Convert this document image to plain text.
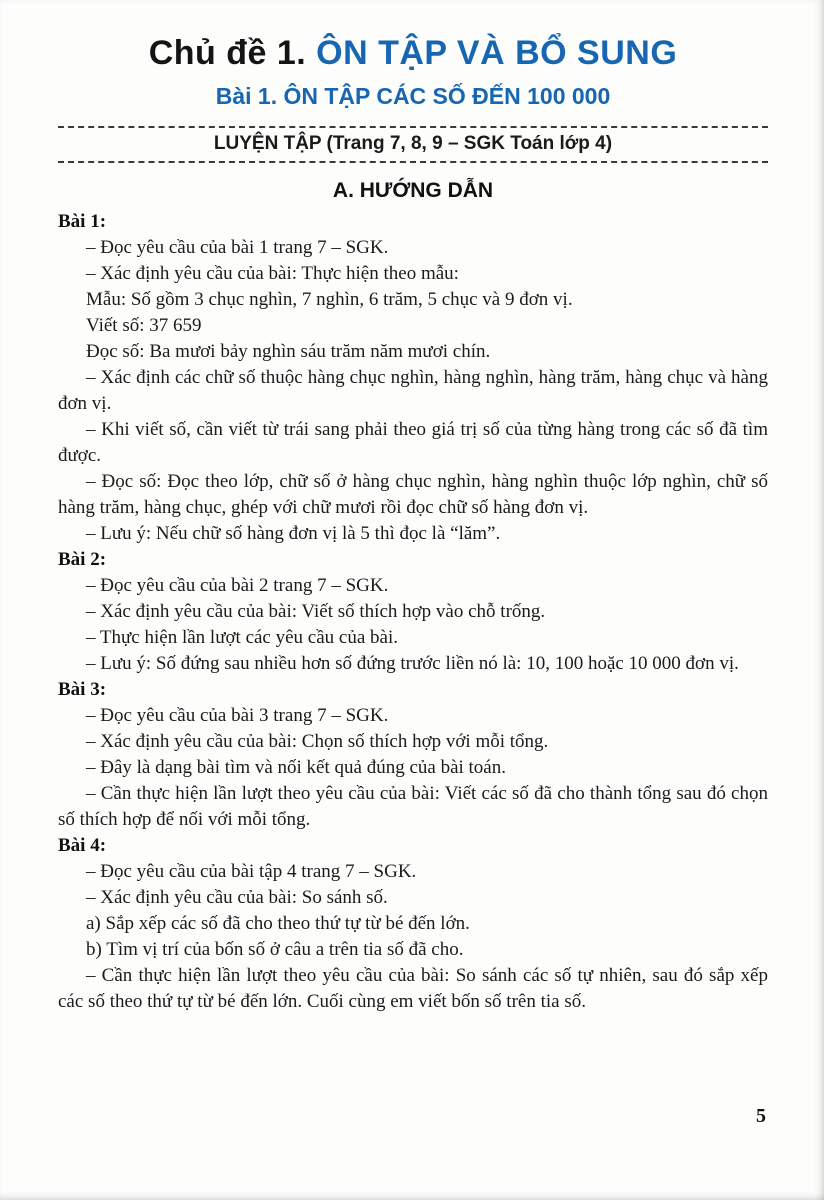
Chủ đề 1. ÔN TẬP VÀ BỔ SUNG
Bài 1. ÔN TẬP CÁC SỐ ĐẾN 100 000
LUYỆN TẬP (Trang 7, 8, 9 – SGK Toán lớp 4)
A. HƯỚNG DẪN
Bài 1:

– Đọc yêu cầu của bài 1 trang 7 – SGK.

– Xác định yêu cầu của bài: Thực hiện theo mẫu:

Mẫu: Số gồm 3 chục nghìn, 7 nghìn, 6 trăm, 5 chục và 9 đơn vị.

Viết số: 37 659

Đọc số: Ba mươi bảy nghìn sáu trăm năm mươi chín.

– Xác định các chữ số thuộc hàng chục nghìn, hàng nghìn, hàng trăm, hàng chục và hàng đơn vị.

– Khi viết số, cần viết từ trái sang phải theo giá trị số của từng hàng trong các số đã tìm được.

– Đọc số: Đọc theo lớp, chữ số ở hàng chục nghìn, hàng nghìn thuộc lớp nghìn, chữ số hàng trăm, hàng chục, ghép với chữ mươi rồi đọc chữ số hàng đơn vị.

– Lưu ý: Nếu chữ số hàng đơn vị là 5 thì đọc là “lăm”.

Bài 2:

– Đọc yêu cầu của bài 2 trang 7 – SGK.

– Xác định yêu cầu của bài: Viết số thích hợp vào chỗ trống.

– Thực hiện lần lượt các yêu cầu của bài.

– Lưu ý: Số đứng sau nhiều hơn số đứng trước liền nó là: 10, 100 hoặc 10 000 đơn vị.

Bài 3:

– Đọc yêu cầu của bài 3 trang 7 – SGK.

– Xác định yêu cầu của bài: Chọn số thích hợp với mỗi tổng.

– Đây là dạng bài tìm và nối kết quả đúng của bài toán.

– Cần thực hiện lần lượt theo yêu cầu của bài: Viết các số đã cho thành tổng sau đó chọn số thích hợp để nối với mỗi tổng.

Bài 4:

– Đọc yêu cầu của bài tập 4 trang 7 – SGK.

– Xác định yêu cầu của bài: So sánh số.

a) Sắp xếp các số đã cho theo thứ tự từ bé đến lớn.

b) Tìm vị trí của bốn số ở câu a trên tia số đã cho.

– Cần thực hiện lần lượt theo yêu cầu của bài: So sánh các số tự nhiên, sau đó sắp xếp các số theo thứ tự từ bé đến lớn. Cuối cùng em viết bốn số trên tia số.

5
